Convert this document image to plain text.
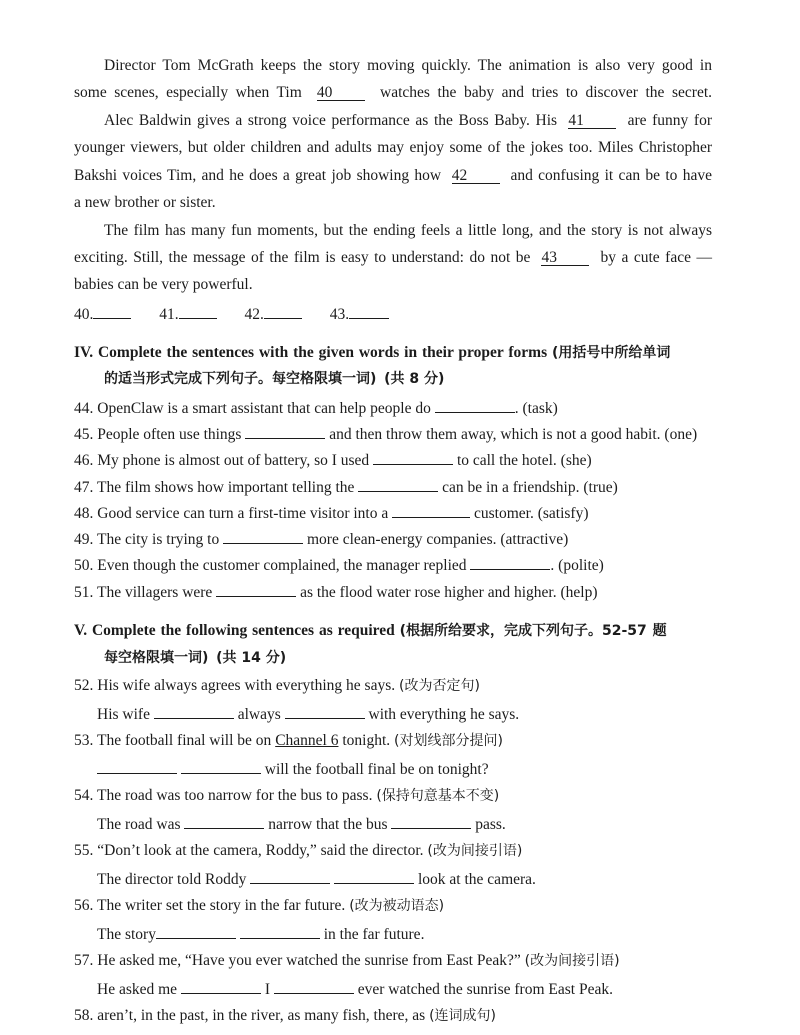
Director Tom McGrath keeps the story moving quickly. The animation is also very good in
some scenes, especially when Tim 40	watches the baby and tries to discover the secret.
Alec Baldwin gives a strong voice performance as the Boss Baby. His 41	are funny for
younger viewers, but older children and adults may enjoy some of the jokes too. Miles Christopher
Bakshi voices Tim, and he does a great job showing how 42	and confusing it can be to have
a new brother or sister.
The film has many fun moments, but the ending feels a little long, and the story is not always
exciting. Still, the message of the film is easy to understand: do not be 43	by a cute face —
babies can be very powerful.
40.	41.	42.	43.
IV. Complete the sentences with the given words in their proper forms (用括号中所给单词
的适当形式完成下列句子。每空格限填一词) (共 8 分)
44. OpenClaw is a smart assistant that can help people do	. (task)
45. People often use things	and then throw them away, which is not a good habit. (one)
46. My phone is almost out of battery, so I used	to call the hotel. (she)
47. The film shows how important telling the	can be in a friendship. (true)
48. Good service can turn a first-time visitor into a	customer. (satisfy)
49. The city is trying to	more clean-energy companies. (attractive)
50. Even though the customer complained, the manager replied	. (polite)
51. The villagers were	as the flood water rose higher and higher. (help)
V. Complete the following sentences as required (根据所给要求，完成下列句子。52-57 题
每空格限填一词) (共 14 分)
52. His wife always agrees with everything he says. (改为否定句)
His wife	always	with everything he says.
53. The football final will be on Channel 6 tonight. (对划线部分提问)
will the football final be on tonight?
54. The road was too narrow for the bus to pass. (保持句意基本不变)
The road was	narrow that the bus	pass.
55. “Don’t look at the camera, Roddy,” said the director. (改为间接引语)
The director told Roddy	look at the camera.
56. The writer set the story in the far future. (改为被动语态)
The story	in the far future.
57. He asked me, “Have you ever watched the sunrise from East Peak?” (改为间接引语)
He asked me	I	ever watched the sunrise from East Peak.
58. aren’t, in the past, in the river, as many fish, there, as (连词成句)
